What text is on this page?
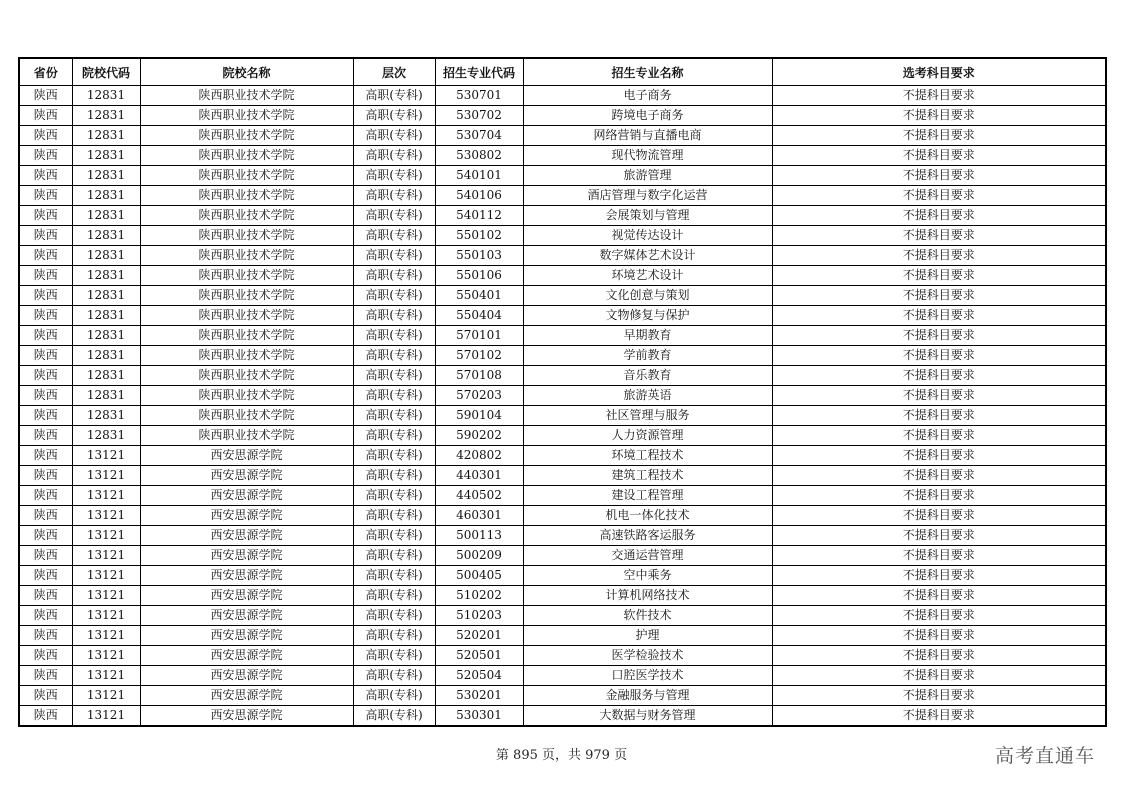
省份	院校代码	院校名称	层次	招生专业代码	招生专业名称	选考科目要求
陕西	12831	陕西职业技术学院	高职(专科)	530701	电子商务	不提科目要求
陕西	12831	陕西职业技术学院	高职(专科)	530702	跨境电子商务	不提科目要求
陕西	12831	陕西职业技术学院	高职(专科)	530704	网络营销与直播电商	不提科目要求
陕西	12831	陕西职业技术学院	高职(专科)	530802	现代物流管理	不提科目要求
陕西	12831	陕西职业技术学院	高职(专科)	540101	旅游管理	不提科目要求
陕西	12831	陕西职业技术学院	高职(专科)	540106	酒店管理与数字化运营	不提科目要求
陕西	12831	陕西职业技术学院	高职(专科)	540112	会展策划与管理	不提科目要求
陕西	12831	陕西职业技术学院	高职(专科)	550102	视觉传达设计	不提科目要求
陕西	12831	陕西职业技术学院	高职(专科)	550103	数字媒体艺术设计	不提科目要求
陕西	12831	陕西职业技术学院	高职(专科)	550106	环境艺术设计	不提科目要求
陕西	12831	陕西职业技术学院	高职(专科)	550401	文化创意与策划	不提科目要求
陕西	12831	陕西职业技术学院	高职(专科)	550404	文物修复与保护	不提科目要求
陕西	12831	陕西职业技术学院	高职(专科)	570101	早期教育	不提科目要求
陕西	12831	陕西职业技术学院	高职(专科)	570102	学前教育	不提科目要求
陕西	12831	陕西职业技术学院	高职(专科)	570108	音乐教育	不提科目要求
陕西	12831	陕西职业技术学院	高职(专科)	570203	旅游英语	不提科目要求
陕西	12831	陕西职业技术学院	高职(专科)	590104	社区管理与服务	不提科目要求
陕西	12831	陕西职业技术学院	高职(专科)	590202	人力资源管理	不提科目要求
陕西	13121	西安思源学院	高职(专科)	420802	环境工程技术	不提科目要求
陕西	13121	西安思源学院	高职(专科)	440301	建筑工程技术	不提科目要求
陕西	13121	西安思源学院	高职(专科)	440502	建设工程管理	不提科目要求
陕西	13121	西安思源学院	高职(专科)	460301	机电一体化技术	不提科目要求
陕西	13121	西安思源学院	高职(专科)	500113	高速铁路客运服务	不提科目要求
陕西	13121	西安思源学院	高职(专科)	500209	交通运营管理	不提科目要求
陕西	13121	西安思源学院	高职(专科)	500405	空中乘务	不提科目要求
陕西	13121	西安思源学院	高职(专科)	510202	计算机网络技术	不提科目要求
陕西	13121	西安思源学院	高职(专科)	510203	软件技术	不提科目要求
陕西	13121	西安思源学院	高职(专科)	520201	护理	不提科目要求
陕西	13121	西安思源学院	高职(专科)	520501	医学检验技术	不提科目要求
陕西	13121	西安思源学院	高职(专科)	520504	口腔医学技术	不提科目要求
陕西	13121	西安思源学院	高职(专科)	530201	金融服务与管理	不提科目要求
陕西	13121	西安思源学院	高职(专科)	530301	大数据与财务管理	不提科目要求
第 895 页，共 979 页	高考直通车
